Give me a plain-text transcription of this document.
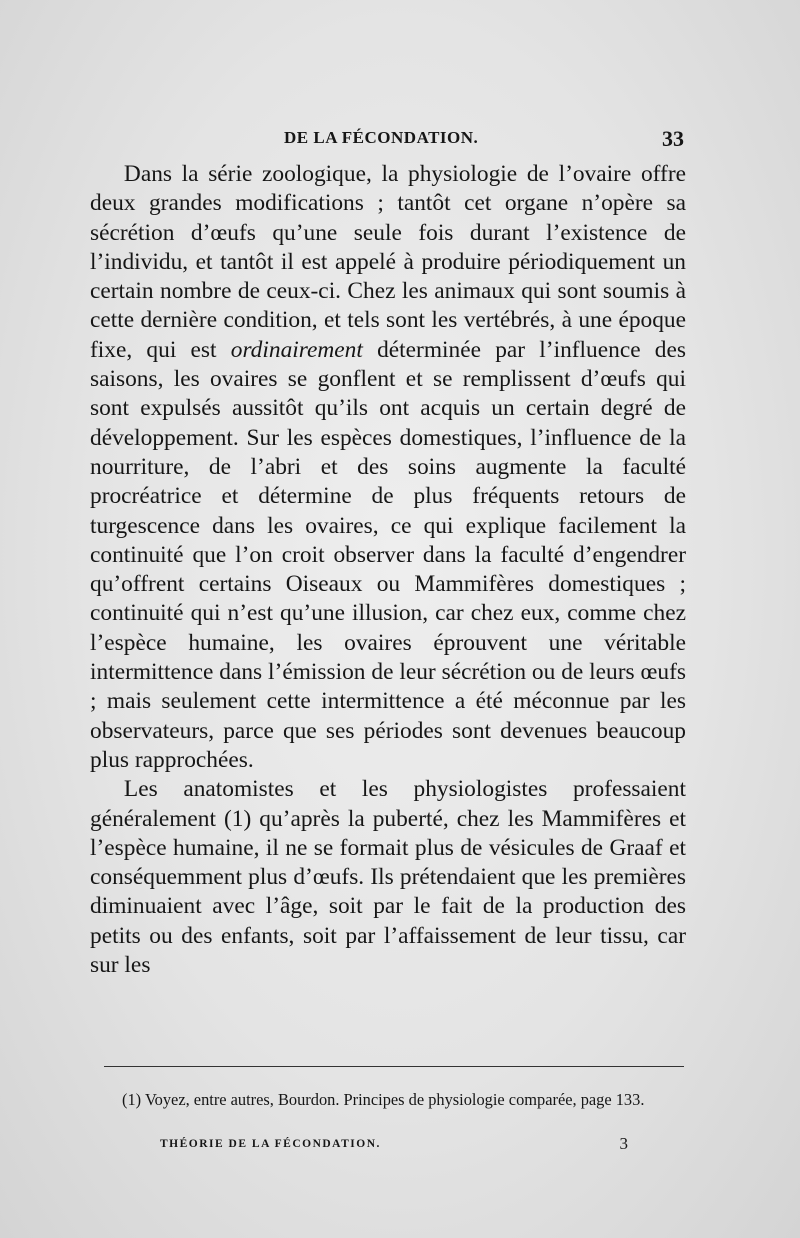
DE LA FÉCONDATION.	33

Dans la série zoologique, la physiologie de l’ovaire offre deux grandes modifications ; tantôt cet organe n’opère sa sécrétion d’œufs qu’une seule fois durant l’existence de l’individu, et tantôt il est appelé à produire périodiquement un certain nombre de ceux-ci. Chez les animaux qui sont soumis à cette dernière condition, et tels sont les vertébrés, à une époque fixe, qui est ordinairement déterminée par l’influence des saisons, les ovaires se gonflent et se remplissent d’œufs qui sont expulsés aussitôt qu’ils ont acquis un certain degré de développement. Sur les espèces domestiques, l’influence de la nourriture, de l’abri et des soins augmente la faculté procréatrice et détermine de plus fréquents retours de turgescence dans les ovaires, ce qui explique facilement la continuité que l’on croit observer dans la faculté d’engendrer qu’offrent certains Oiseaux ou Mammifères domestiques ; continuité qui n’est qu’une illusion, car chez eux, comme chez l’espèce humaine, les ovaires éprouvent une véritable intermittence dans l’émission de leur sécrétion ou de leurs œufs ; mais seulement cette intermittence a été méconnue par les observateurs, parce que ses périodes sont devenues beaucoup plus rapprochées.

Les anatomistes et les physiologistes professaient généralement (1) qu’après la puberté, chez les Mammifères et l’espèce humaine, il ne se formait plus de vésicules de Graaf et conséquemment plus d’œufs. Ils prétendaient que les premières diminuaient avec l’âge, soit par le fait de la production des petits ou des enfants, soit par l’affaissement de leur tissu, car sur les

(1) Voyez, entre autres, Bourdon. Principes de physiologie comparée, page 133.

THÉORIE DE LA FÉCONDATION.	3
